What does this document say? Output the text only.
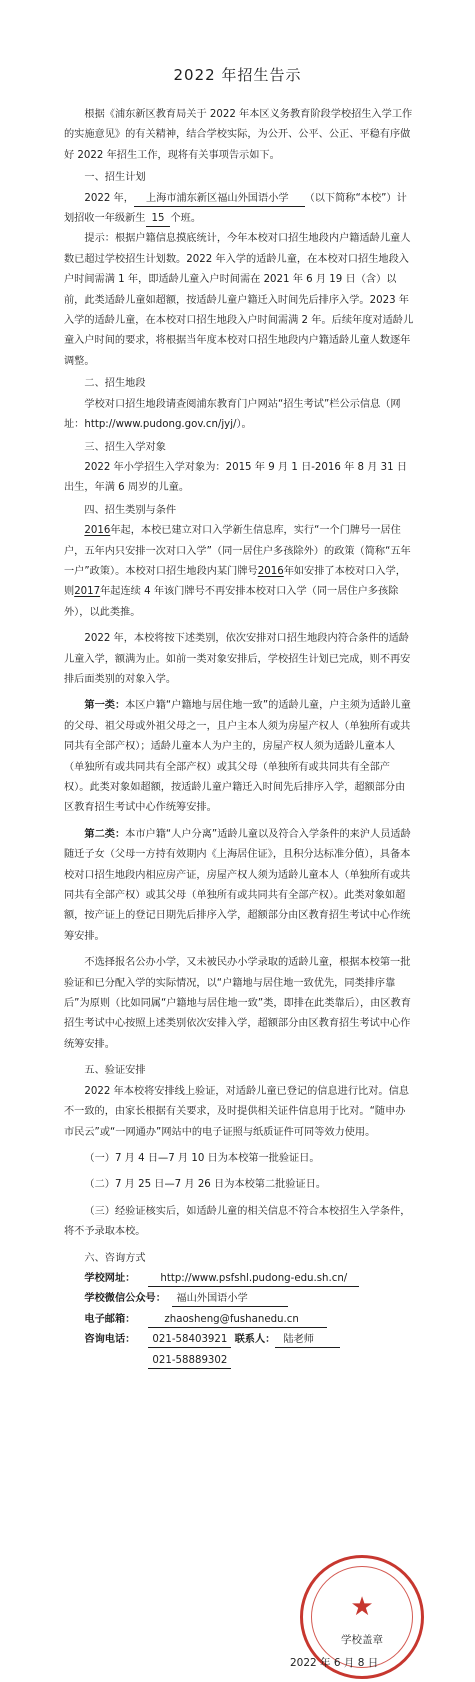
2022 年招生告示

根据《浦东新区教育局关于 2022 年本区义务教育阶段学校招生入学工作的实施意见》的有关精神，结合学校实际，为公开、公平、公正、平稳有序做好 2022 年招生工作，现将有关事项告示如下。

一、招生计划

2022 年， 上海市浦东新区福山外国语小学 （以下简称“本校”）计划招收一年级新生 15 个班。

提示：根据户籍信息摸底统计，今年本校对口招生地段内户籍适龄儿童人数已超过学校招生计划数。2022 年入学的适龄儿童，在本校对口招生地段入户时间需满 1 年，即适龄儿童入户时间需在 2021 年 6 月 19 日（含）以前，此类适龄儿童如超额，按适龄儿童户籍迁入时间先后排序入学。2023 年入学的适龄儿童，在本校对口招生地段入户时间需满 2 年。后续年度对适龄儿童入户时间的要求，将根据当年度本校对口招生地段内户籍适龄儿童人数逐年调整。

二、招生地段

学校对口招生地段请查阅浦东教育门户网站“招生考试”栏公示信息（网址：http://www.pudong.gov.cn/jyj/）。

三、招生入学对象

2022 年小学招生入学对象为：2015 年 9 月 1 日-2016 年 8 月 31 日出生，年满 6 周岁的儿童。

四、招生类别与条件

2016年起，本校已建立对口入学新生信息库，实行“一个门牌号一居住户，五年内只安排一次对口入学”（同一居住户多孩除外）的政策（简称“五年一户”政策）。本校对口招生地段内某门牌号2016年如安排了本校对口入学，则2017年起连续 4 年该门牌号不再安排本校对口入学（同一居住户多孩除外），以此类推。

2022 年，本校将按下述类别，依次安排对口招生地段内符合条件的适龄儿童入学，额满为止。如前一类对象安排后，学校招生计划已完成，则不再安排后面类别的对象入学。

第一类：本区户籍“户籍地与居住地一致”的适龄儿童，户主须为适龄儿童的父母、祖父母或外祖父母之一，且户主本人须为房屋产权人（单独所有或共同共有全部产权）；适龄儿童本人为户主的，房屋产权人须为适龄儿童本人（单独所有或共同共有全部产权）或其父母（单独所有或共同共有全部产权）。此类对象如超额，按适龄儿童户籍迁入时间先后排序入学，超额部分由区教育招生考试中心作统筹安排。

第二类：本市户籍“人户分离”适龄儿童以及符合入学条件的来沪人员适龄随迁子女（父母一方持有效期内《上海居住证》，且积分达标准分值），具备本校对口招生地段内相应房产证，房屋产权人须为适龄儿童本人（单独所有或共同共有全部产权）或其父母（单独所有或共同共有全部产权）。此类对象如超额，按产证上的登记日期先后排序入学，超额部分由区教育招生考试中心作统筹安排。

不选择报名公办小学，又未被民办小学录取的适龄儿童，根据本校第一批验证和已分配入学的实际情况，以“户籍地与居住地一致优先，同类排序靠后”为原则（比如同属“户籍地与居住地一致”类，即排在此类靠后），由区教育招生考试中心按照上述类别依次安排入学，超额部分由区教育招生考试中心作统筹安排。

五、验证安排

2022 年本校将安排线上验证，对适龄儿童已登记的信息进行比对。信息不一致的，由家长根据有关要求，及时提供相关证件信息用于比对。“随申办市民云”或“一网通办”网站中的电子证照与纸质证件可同等效力使用。

（一）7 月 4 日—7 月 10 日为本校第一批验证日。

（二）7 月 25 日—7 月 26 日为本校第二批验证日。

（三）经验证核实后，如适龄儿童的相关信息不符合本校招生入学条件，将不予录取本校。

六、咨询方式

学校网址： http://www.psfshl.pudong-edu.sh.cn/

学校微信公众号： 福山外国语小学

电子邮箱：	zhaosheng@fushanedu.cn

咨询电话： 021-58403921 联系人： 陆老师

021-58889302

★
学校盖章
2022 年 6 月 8 日
